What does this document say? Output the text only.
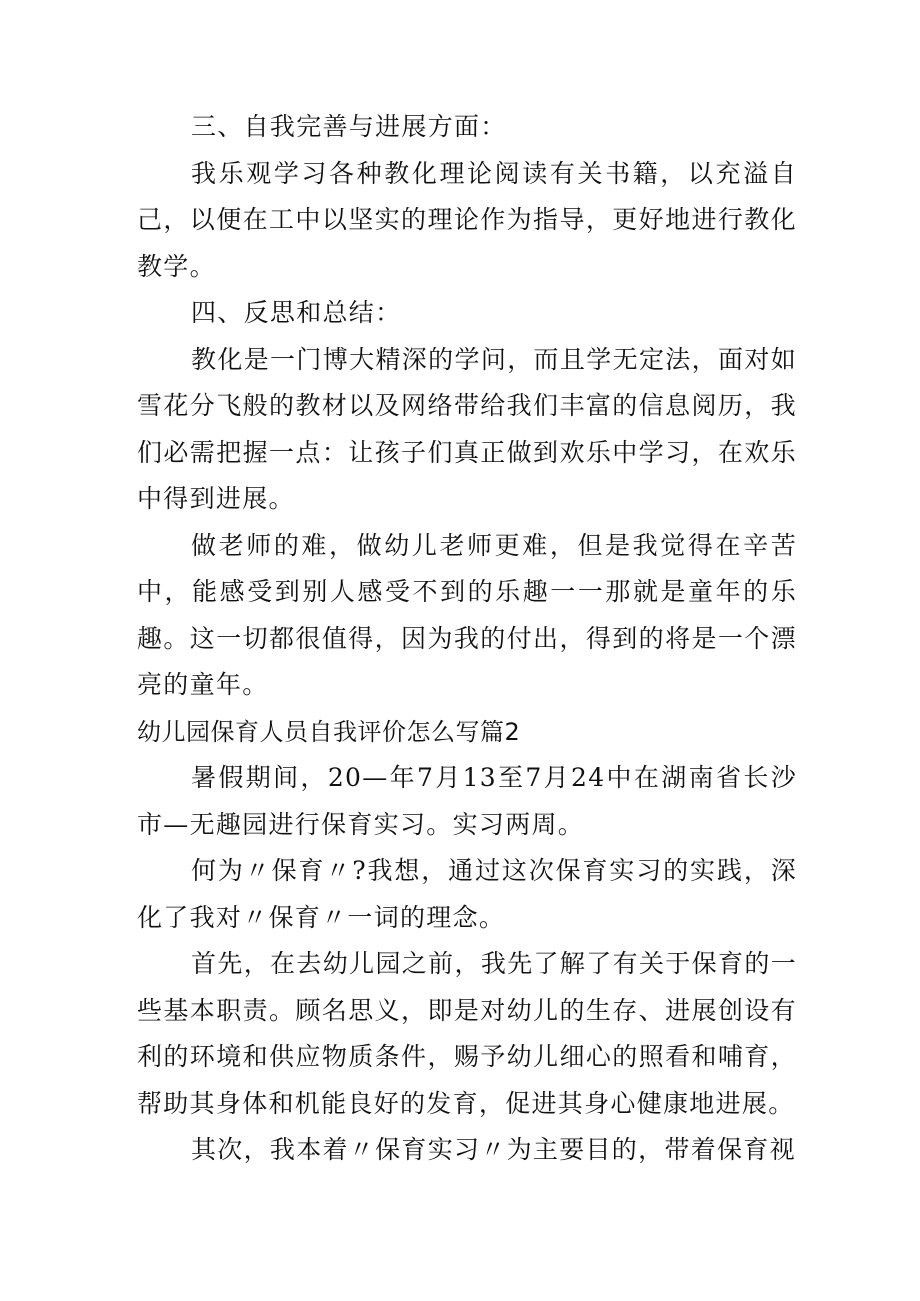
三、自我完善与进展方面：

我乐观学习各种教化理论阅读有关书籍，以充溢自己，以便在工中以坚实的理论作为指导，更好地进行教化教学。

四、反思和总结：

教化是一门博大精深的学问，而且学无定法，面对如雪花分飞般的教材以及网络带给我们丰富的信息阅历，我们必需把握一点：让孩子们真正做到欢乐中学习，在欢乐中得到进展。

做老师的难，做幼儿老师更难，但是我觉得在辛苦中，能感受到别人感受不到的乐趣一一那就是童年的乐趣。这一切都很值得，因为我的付出，得到的将是一个漂亮的童年。

幼儿园保育人员自我评价怎么写篇2

暑假期间，20—年7月13至7月24中在湖南省长沙市—无趣园进行保育实习。实习两周。

何为〃保育〃?我想，通过这次保育实习的实践，深化了我对〃保育〃一词的理念。

首先，在去幼儿园之前，我先了解了有关于保育的一些基本职责。顾名思义，即是对幼儿的生存、进展创设有利的环境和供应物质条件，赐予幼儿细心的照看和哺育，帮助其身体和机能良好的发育，促进其身心健康地进展。

其次，我本着〃保育实习〃为主要目的，带着保育视
